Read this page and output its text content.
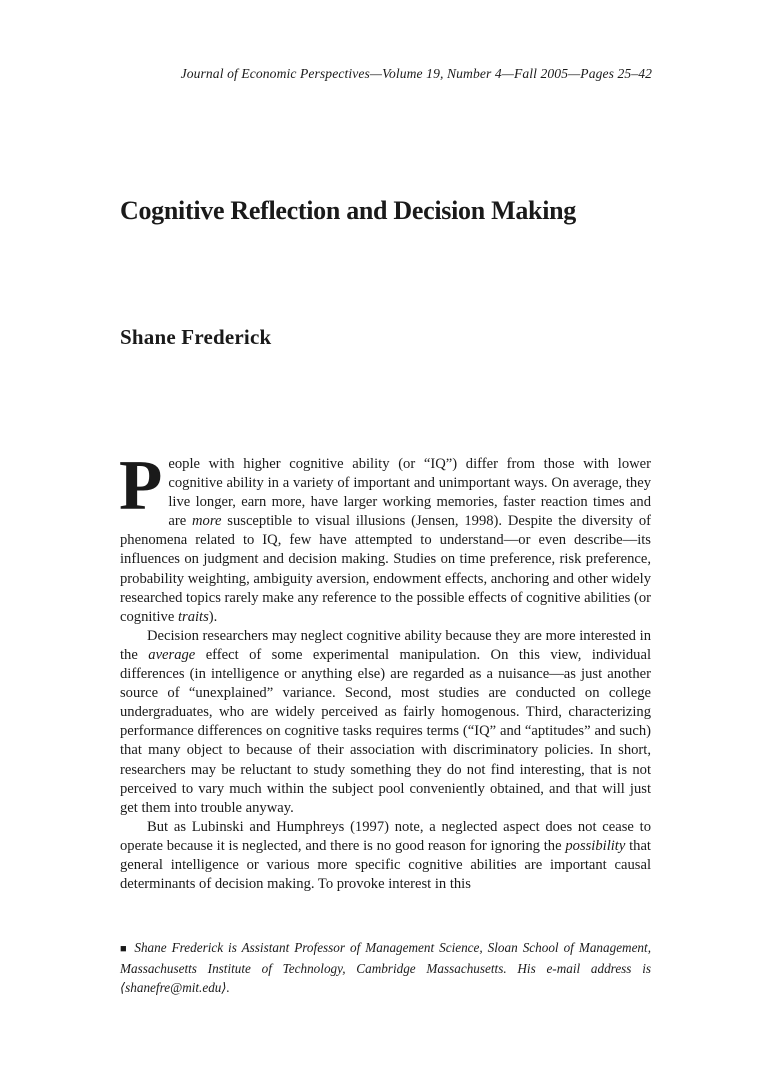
Journal of Economic Perspectives—Volume 19, Number 4—Fall 2005—Pages 25–42
Cognitive Reflection and Decision Making
Shane Frederick

People with higher cognitive ability (or “IQ”) differ from those with lower cognitive ability in a variety of important and unimportant ways. On average, they live longer, earn more, have larger working memories, faster reaction times and are more susceptible to visual illusions (Jensen, 1998). Despite the diversity of phenomena related to IQ, few have attempted to understand—or even describe—its influences on judgment and decision making. Studies on time preference, risk preference, probability weighting, ambiguity aversion, endowment effects, anchoring and other widely researched topics rarely make any reference to the possible effects of cognitive abilities (or cognitive traits).

Decision researchers may neglect cognitive ability because they are more interested in the average effect of some experimental manipulation. On this view, individual differences (in intelligence or anything else) are regarded as a nuisance—as just another source of “unexplained” variance. Second, most studies are conducted on college undergraduates, who are widely perceived as fairly homogenous. Third, characterizing performance differences on cognitive tasks requires terms (“IQ” and “aptitudes” and such) that many object to because of their association with discriminatory policies. In short, researchers may be reluctant to study something they do not find interesting, that is not perceived to vary much within the subject pool conveniently obtained, and that will just get them into trouble anyway.

But as Lubinski and Humphreys (1997) note, a neglected aspect does not cease to operate because it is neglected, and there is no good reason for ignoring the possibility that general intelligence or various more specific cognitive abilities are important causal determinants of decision making. To provoke interest in this

■ Shane Frederick is Assistant Professor of Management Science, Sloan School of Management, Massachusetts Institute of Technology, Cambridge Massachusetts. His e-mail address is ⟨shanefre@mit.edu⟩.
